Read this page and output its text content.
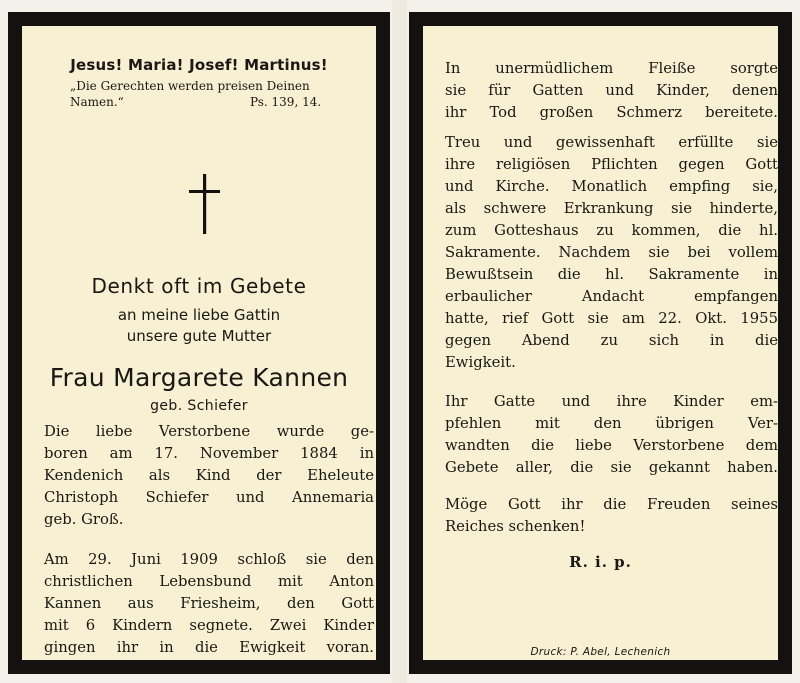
Jesus! Maria! Josef! Martinus!
„Die Gerechten werden preisen Deinen
Namen.“	Ps. 139, 14.
Denkt oft im Gebete
an meine liebe Gattin
unsere gute Mutter
Frau Margarete Kannen
geb. Schiefer
Die liebe Verstorbene wurde ge-
boren am 17. November 1884 in
Kendenich als Kind der Eheleute
Christoph Schiefer und Annemaria
geb. Groß.
Am 29. Juni 1909 schloß sie den
christlichen Lebensbund mit Anton
Kannen aus Friesheim, den Gott
mit 6 Kindern segnete. Zwei Kinder
gingen ihr in die Ewigkeit voran.
In unermüdlichem Fleiße sorgte
sie für Gatten und Kinder, denen
ihr Tod großen Schmerz bereitete.
Treu und gewissenhaft erfüllte sie
ihre religiösen Pflichten gegen Gott
und Kirche. Monatlich empfing sie,
als schwere Erkrankung sie hinderte,
zum Gotteshaus zu kommen, die hl.
Sakramente. Nachdem sie bei vollem
Bewußtsein die hl. Sakramente in
erbaulicher Andacht empfangen
hatte, rief Gott sie am 22. Okt. 1955
gegen Abend zu sich in die
Ewigkeit.
Ihr Gatte und ihre Kinder em-
pfehlen mit den übrigen Ver-
wandten die liebe Verstorbene dem
Gebete aller, die sie gekannt haben.
Möge Gott ihr die Freuden seines
Reiches schenken!
R. i. p.
Druck: P. Abel, Lechenich
